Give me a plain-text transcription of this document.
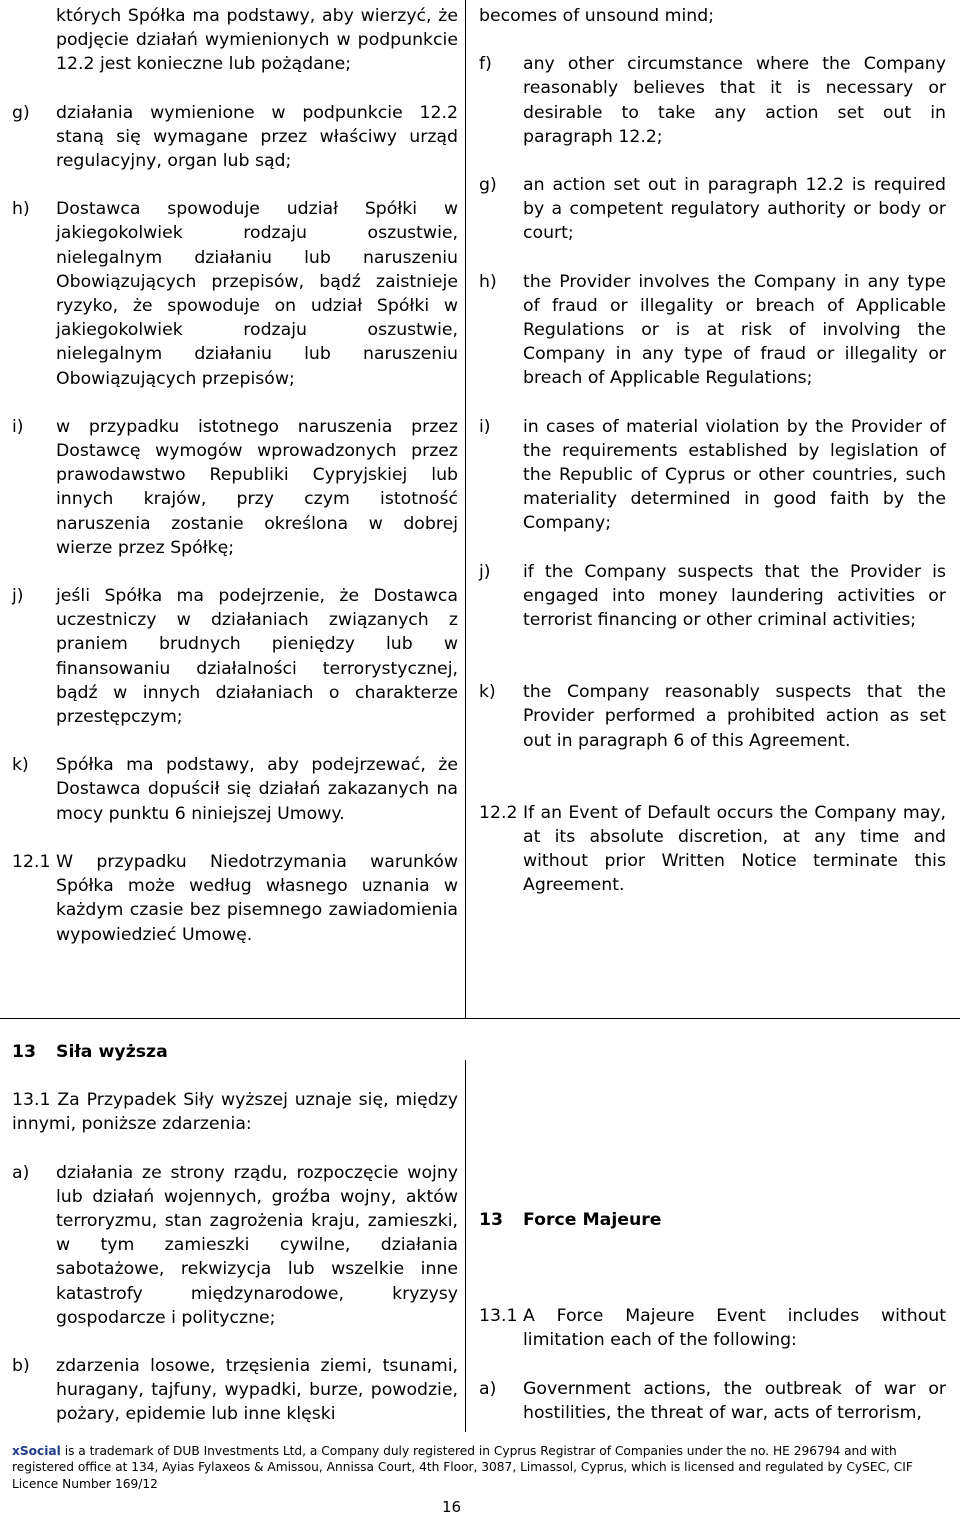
których Spółka ma podstawy, aby wierzyć, że podjęcie działań wymienionych w podpunkcie 12.2 jest konieczne lub pożądane;
g)	działania wymienione w podpunkcie 12.2 staną się wymagane przez właściwy urząd regulacyjny, organ lub sąd;
h)	Dostawca spowoduje udział Spółki w jakiegokolwiek rodzaju oszustwie, nielegalnym działaniu lub naruszeniu Obowiązujących przepisów, bądź zaistnieje ryzyko, że spowoduje on udział Spółki w jakiegokolwiek rodzaju oszustwie, nielegalnym działaniu lub naruszeniu Obowiązujących przepisów;
i)	w przypadku istotnego naruszenia przez Dostawcę wymogów wprowadzonych przez prawodawstwo Republiki Cypryjskiej lub innych krajów, przy czym istotność naruszenia zostanie określona w dobrej wierze przez Spółkę;
j)	jeśli Spółka ma podejrzenie, że Dostawca uczestniczy w działaniach związanych z praniem brudnych pieniędzy lub w finansowaniu działalności terrorystycznej, bądź w innych działaniach o charakterze przestępczym;
k)	Spółka ma podstawy, aby podejrzewać, że Dostawca dopuścił się działań zakazanych na mocy punktu 6 niniejszej Umowy.
12.1 W przypadku Niedotrzymania warunków Spółka może według własnego uznania w każdym czasie bez pisemnego zawiadomienia wypowiedzieć Umowę.
becomes of unsound mind;
f)	any other circumstance where the Company reasonably believes that it is necessary or desirable to take any action set out in paragraph 12.2;
g)	an action set out in paragraph 12.2 is required by a competent regulatory authority or body or court;
h)	the Provider involves the Company in any type of fraud or illegality or breach of Applicable Regulations or is at risk of involving the Company in any type of fraud or illegality or breach of Applicable Regulations;
i)	in cases of material violation by the Provider of the requirements established by legislation of the Republic of Cyprus or other countries, such materiality determined in good faith by the Company;
j)	if the Company suspects that the Provider is engaged into money laundering activities or terrorist financing or other criminal activities;
k)	the Company reasonably suspects that the Provider performed a prohibited action as set out in paragraph 6 of this Agreement.
12.2 If an Event of Default occurs the Company may, at its absolute discretion, at any time and without prior Written Notice terminate this Agreement.
13	Siła wyższa
13.1 Za Przypadek Siły wyższej uznaje się, między innymi, poniższe zdarzenia:
a)	działania ze strony rządu, rozpoczęcie wojny lub działań wojennych, groźba wojny, aktów terroryzmu, stan zagrożenia kraju, zamieszki, w tym zamieszki cywilne, działania sabotażowe, rekwizycja lub wszelkie inne katastrofy międzynarodowe, kryzysy gospodarcze i polityczne;
b)	zdarzenia losowe, trzęsienia ziemi, tsunami, huragany, tajfuny, wypadki, burze, powodzie, pożary, epidemie lub inne klęski
13	Force Majeure
13.1 A Force Majeure Event includes without limitation each of the following:
a)	Government actions, the outbreak of war or hostilities, the threat of war, acts of terrorism,
xSocial is a trademark of DUB Investments Ltd, a Company duly registered in Cyprus Registrar of Companies under the no. HE 296794 and with
registered office at 134, Ayias Fylaxeos & Amissou, Annissa Court, 4th Floor, 3087, Limassol, Cyprus, which is licensed and regulated by CySEC, CIF
Licence Number 169/12
16
